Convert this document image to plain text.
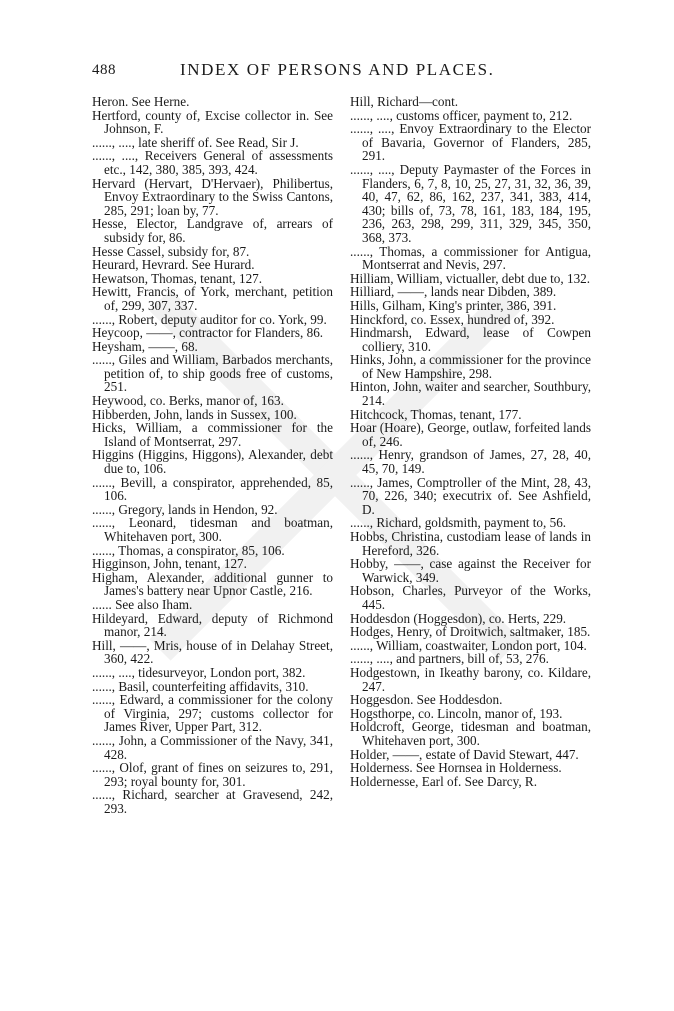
488	INDEX OF PERSONS AND PLACES.

Heron. See Herne.

Hertford, county of, Excise collector in. See Johnson, F.

......, ...., late sheriff of. See Read, Sir J.

......, ...., Receivers General of assessments etc., 142, 380, 385, 393, 424.

Hervard (Hervart, D'Hervaer), Philibertus, Envoy Extraordinary to the Swiss Cantons, 285, 291; loan by, 77.

Hesse, Elector, Landgrave of, arrears of subsidy for, 86.

Hesse Cassel, subsidy for, 87.

Heurard, Hevrard. See Hurard.

Hewatson, Thomas, tenant, 127.

Hewitt, Francis, of York, merchant, petition of, 299, 307, 337.

......, Robert, deputy auditor for co. York, 99.

Heycoop, ——, contractor for Flanders, 86.

Heysham, ——, 68.

......, Giles and William, Barbados merchants, petition of, to ship goods free of customs, 251.

Heywood, co. Berks, manor of, 163.

Hibberden, John, lands in Sussex, 100.

Hicks, William, a commissioner for the Island of Montserrat, 297.

Higgins (Higgins, Higgons), Alexander, debt due to, 106.

......, Bevill, a conspirator, apprehended, 85, 106.

......, Gregory, lands in Hendon, 92.

......, Leonard, tidesman and boatman, Whitehaven port, 300.

......, Thomas, a conspirator, 85, 106.

Higginson, John, tenant, 127.

Higham, Alexander, additional gunner to James's battery near Upnor Castle, 216.

...... See also Iham.

Hildeyard, Edward, deputy of Richmond manor, 214.

Hill, ——, Mris, house of in Delahay Street, 360, 422.

......, ...., tidesurveyor, London port, 382.

......, Basil, counterfeiting affidavits, 310.

......, Edward, a commissioner for the colony of Virginia, 297; customs collector for James River, Upper Part, 312.

......, John, a Commissioner of the Navy, 341, 428.

......, Olof, grant of fines on seizures to, 291, 293; royal bounty for, 301.

......, Richard, searcher at Gravesend, 242, 293.

Hill, Richard—cont.

......, ...., customs officer, payment to, 212.

......, ...., Envoy Extraordinary to the Elector of Bavaria, Governor of Flanders, 285, 291.

......, ...., Deputy Paymaster of the Forces in Flanders, 6, 7, 8, 10, 25, 27, 31, 32, 36, 39, 40, 47, 62, 86, 162, 237, 341, 383, 414, 430; bills of, 73, 78, 161, 183, 184, 195, 236, 263, 298, 299, 311, 329, 345, 350, 368, 373.

......, Thomas, a commissioner for Antigua, Montserrat and Nevis, 297.

Hilliam, William, victualler, debt due to, 132.

Hilliard, ——, lands near Dibden, 389.

Hills, Gilham, King's printer, 386, 391.

Hinckford, co. Essex, hundred of, 392.

Hindmarsh, Edward, lease of Cowpen colliery, 310.

Hinks, John, a commissioner for the province of New Hampshire, 298.

Hinton, John, waiter and searcher, Southbury, 214.

Hitchcock, Thomas, tenant, 177.

Hoar (Hoare), George, outlaw, forfeited lands of, 246.

......, Henry, grandson of James, 27, 28, 40, 45, 70, 149.

......, James, Comptroller of the Mint, 28, 43, 70, 226, 340; executrix of. See Ashfield, D.

......, Richard, goldsmith, payment to, 56.

Hobbs, Christina, custodiam lease of lands in Hereford, 326.

Hobby, ——, case against the Receiver for Warwick, 349.

Hobson, Charles, Purveyor of the Works, 445.

Hoddesdon (Hoggesdon), co. Herts, 229.

Hodges, Henry, of Droitwich, saltmaker, 185.

......, William, coastwaiter, London port, 104.

......, ...., and partners, bill of, 53, 276.

Hodgestown, in Ikeathy barony, co. Kildare, 247.

Hoggesdon. See Hoddesdon.

Hogsthorpe, co. Lincoln, manor of, 193.

Holdcroft, George, tidesman and boatman, Whitehaven port, 300.

Holder, ——, estate of David Stewart, 447.

Holderness. See Hornsea in Holderness.

Holdernesse, Earl of. See Darcy, R.
